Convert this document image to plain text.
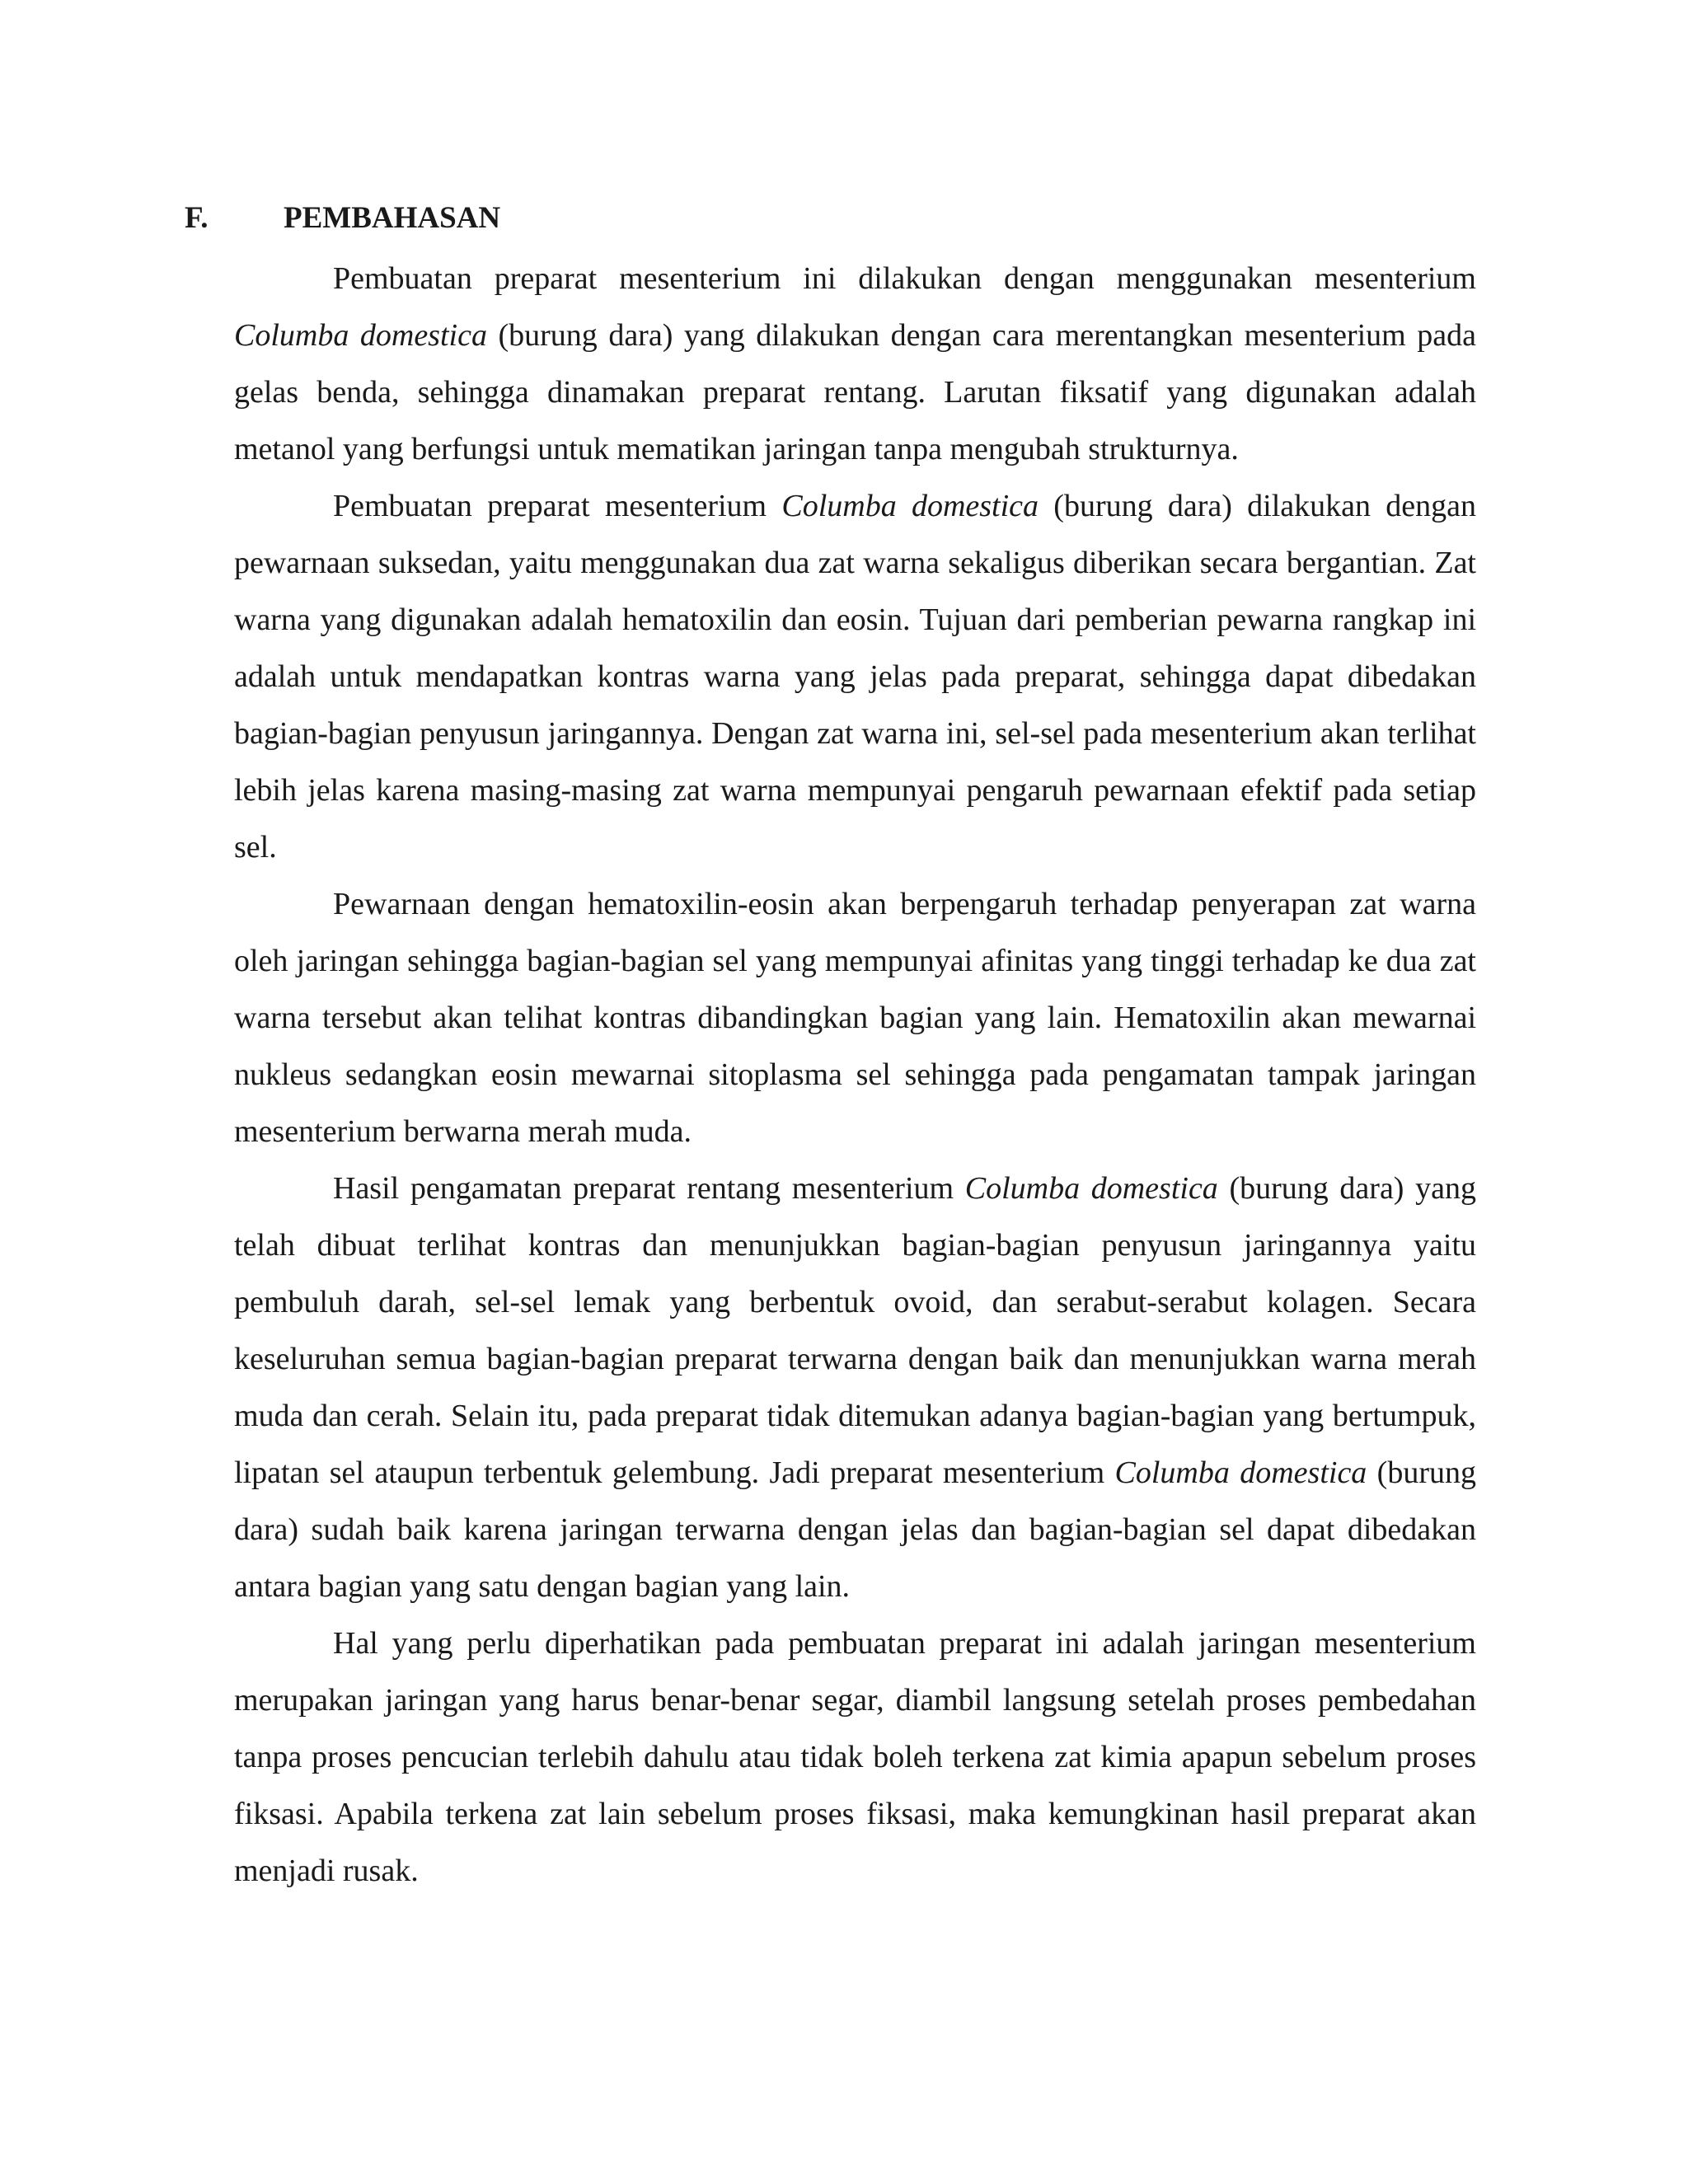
F. PEMBAHASAN

Pembuatan preparat mesenterium ini dilakukan dengan menggunakan mesenterium Columba domestica (burung dara) yang dilakukan dengan cara merentangkan mesenterium pada gelas benda, sehingga dinamakan preparat rentang. Larutan fiksatif yang digunakan adalah metanol yang berfungsi untuk mematikan jaringan tanpa mengubah strukturnya.

Pembuatan preparat mesenterium Columba domestica (burung dara) dilakukan dengan pewarnaan suksedan, yaitu menggunakan dua zat warna sekaligus diberikan secara bergantian. Zat warna yang digunakan adalah hematoxilin dan eosin. Tujuan dari pemberian pewarna rangkap ini adalah untuk mendapatkan kontras warna yang jelas pada preparat, sehingga dapat dibedakan bagian-bagian penyusun jaringannya. Dengan zat warna ini, sel-sel pada mesenterium akan terlihat lebih jelas karena masing-masing zat warna mempunyai pengaruh pewarnaan efektif pada setiap sel.

Pewarnaan dengan hematoxilin-eosin akan berpengaruh terhadap penyerapan zat warna oleh jaringan sehingga bagian-bagian sel yang mempunyai afinitas yang tinggi terhadap ke dua zat warna tersebut akan telihat kontras dibandingkan bagian yang lain. Hematoxilin akan mewarnai nukleus sedangkan eosin mewarnai sitoplasma sel sehingga pada pengamatan tampak jaringan mesenterium berwarna merah muda.

Hasil pengamatan preparat rentang mesenterium Columba domestica (burung dara) yang telah dibuat terlihat kontras dan menunjukkan bagian-bagian penyusun jaringannya yaitu pembuluh darah, sel-sel lemak yang berbentuk ovoid, dan serabut-serabut kolagen. Secara keseluruhan semua bagian-bagian preparat terwarna dengan baik dan menunjukkan warna merah muda dan cerah. Selain itu, pada preparat tidak ditemukan adanya bagian-bagian yang bertumpuk, lipatan sel ataupun terbentuk gelembung. Jadi preparat mesenterium Columba domestica (burung dara) sudah baik karena jaringan terwarna dengan jelas dan bagian-bagian sel dapat dibedakan antara bagian yang satu dengan bagian yang lain.

Hal yang perlu diperhatikan pada pembuatan preparat ini adalah jaringan mesenterium merupakan jaringan yang harus benar-benar segar, diambil langsung setelah proses pembedahan tanpa proses pencucian terlebih dahulu atau tidak boleh terkena zat kimia apapun sebelum proses fiksasi. Apabila terkena zat lain sebelum proses fiksasi, maka kemungkinan hasil preparat akan menjadi rusak.
